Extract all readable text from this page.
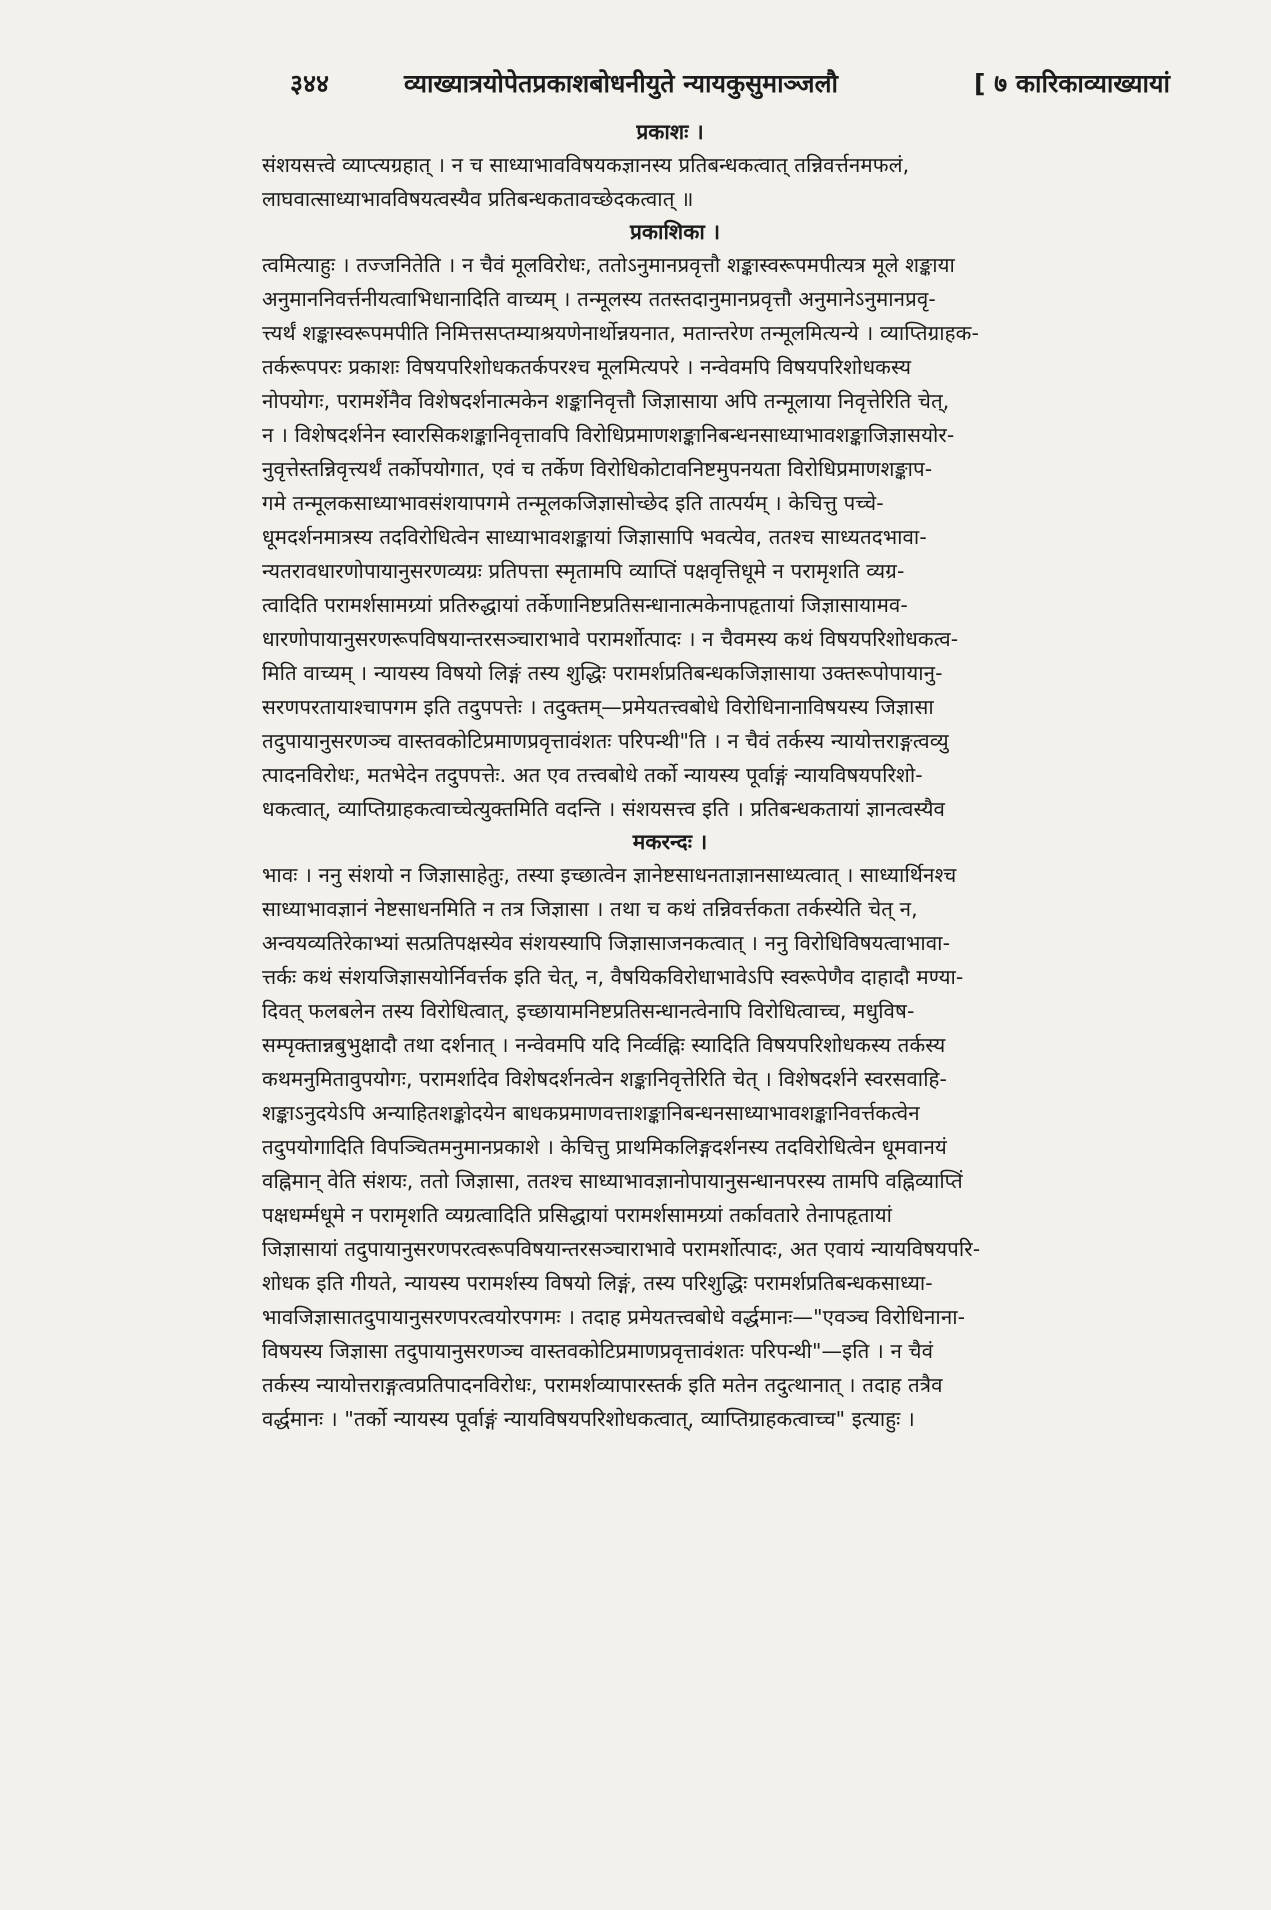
३४४	व्याख्यात्रयोपेतप्रकाशबोधनीयुते न्यायकुसुमाञ्जलौ	[ ७ कारिकाव्याख्यायां
प्रकाशः ।
संशयसत्त्वे व्याप्त्यग्रहात् । न च साध्याभावविषयकज्ञानस्य प्रतिबन्धकत्वात् तन्निवर्त्तनमफलं,
लाघवात्साध्याभावविषयत्वस्यैव प्रतिबन्धकतावच्छेदकत्वात् ॥
प्रकाशिका ।
त्वमित्याहुः । तज्जनितेति । न चैवं मूलविरोधः, ततोऽनुमानप्रवृत्तौ शङ्कास्वरूपमपीत्यत्र मूले शङ्काया
अनुमाननिवर्त्तनीयत्वाभिधानादिति वाच्यम् । तन्मूलस्य ततस्तदानुमानप्रवृत्तौ अनुमानेऽनुमानप्रवृ-
त्त्यर्थं शङ्कास्वरूपमपीति निमित्तसप्तम्याश्रयणेनार्थोन्नयनात, मतान्तरेण तन्मूलमित्यन्ये । व्याप्तिग्राहक-
तर्करूपपरः प्रकाशः विषयपरिशोधकतर्कपरश्च मूलमित्यपरे । नन्वेवमपि विषयपरिशोधकस्य
नोपयोगः, परामर्शेनैव विशेषदर्शनात्मकेन शङ्कानिवृत्तौ जिज्ञासाया अपि तन्मूलाया निवृत्तेरिति चेत्,
न । विशेषदर्शनेन स्वारसिकशङ्कानिवृत्तावपि विरोधिप्रमाणशङ्कानिबन्धनसाध्याभावशङ्काजिज्ञासयोर-
नुवृत्तेस्तन्निवृत्त्यर्थं तर्कोपयोगात, एवं च तर्केण विरोधिकोटावनिष्टमुपनयता विरोधिप्रमाणशङ्काप-
गमे तन्मूलकसाध्याभावसंशयापगमे तन्मूलकजिज्ञासोच्छेद इति तात्पर्यम् । केचित्तु पच्चे-
धूमदर्शनमात्रस्य तदविरोधित्वेन साध्याभावशङ्कायां जिज्ञासापि भवत्येव, ततश्च साध्यतदभावा-
न्यतरावधारणोपायानुसरणव्यग्रः प्रतिपत्ता स्मृतामपि व्याप्तिं पक्षवृत्तिधूमे न परामृशति व्यग्र-
त्वादिति परामर्शसामग्र्यां प्रतिरुद्धायां तर्केणानिष्टप्रतिसन्धानात्मकेनापहृतायां जिज्ञासायामव-
धारणोपायानुसरणरूपविषयान्तरसञ्चाराभावे परामर्शोत्पादः । न चैवमस्य कथं विषयपरिशोधकत्व-
मिति वाच्यम् । न्यायस्य विषयो लिङ्गं तस्य शुद्धिः परामर्शप्रतिबन्धकजिज्ञासाया उक्तरूपोपायानु-
सरणपरतायाश्चापगम इति तदुपपत्तेः । तदुक्तम्—प्रमेयतत्त्वबोधे विरोधिनानाविषयस्य जिज्ञासा
तदुपायानुसरणञ्च वास्तवकोटिप्रमाणप्रवृत्तावंशतः परिपन्थी"ति । न चैवं तर्कस्य न्यायोत्तराङ्गत्वव्यु
त्पादनविरोधः, मतभेदेन तदुपपत्तेः. अत एव तत्त्वबोधे तर्को न्यायस्य पूर्वाङ्गं न्यायविषयपरिशो-
धकत्वात्, व्याप्तिग्राहकत्वाच्चेत्युक्तमिति वदन्ति । संशयसत्त्व इति । प्रतिबन्धकतायां ज्ञानत्वस्यैव
मकरन्दः ।
भावः । ननु संशयो न जिज्ञासाहेतुः, तस्या इच्छात्वेन ज्ञानेष्टसाधनताज्ञानसाध्यत्वात् । साध्यार्थिनश्च
साध्याभावज्ञानं नेष्टसाधनमिति न तत्र जिज्ञासा । तथा च कथं तन्निवर्त्तकता तर्कस्येति चेत् न,
अन्वयव्यतिरेकाभ्यां सत्प्रतिपक्षस्येव संशयस्यापि जिज्ञासाजनकत्वात् । ननु विरोधिविषयत्वाभावा-
त्तर्कः कथं संशयजिज्ञासयोर्निवर्त्तक इति चेत्, न, वैषयिकविरोधाभावेऽपि स्वरूपेणैव दाहादौ मण्या-
दिवत् फलबलेन तस्य विरोधित्वात्, इच्छायामनिष्टप्रतिसन्धानत्वेनापि विरोधित्वाच्च, मधुविष-
सम्पृक्तान्नबुभुक्षादौ तथा दर्शनात् । नन्वेवमपि यदि निर्व्वह्निः स्यादिति विषयपरिशोधकस्य तर्कस्य
कथमनुमितावुपयोगः, परामर्शादेव विशेषदर्शनत्वेन शङ्कानिवृत्तेरिति चेत् । विशेषदर्शने स्वरसवाहि-
शङ्काऽनुदयेऽपि अन्याहितशङ्कोदयेन बाधकप्रमाणवत्ताशङ्कानिबन्धनसाध्याभावशङ्कानिवर्त्तकत्वेन
तदुपयोगादिति विपञ्चितमनुमानप्रकाशे । केचित्तु प्राथमिकलिङ्गदर्शनस्य तदविरोधित्वेन धूमवानयं
वह्निमान् वेति संशयः, ततो जिज्ञासा, ततश्च साध्याभावज्ञानोपायानुसन्धानपरस्य तामपि वह्निव्याप्तिं
पक्षधर्म्मधूमे न परामृशति व्यग्रत्वादिति प्रसिद्धायां परामर्शसामग्र्यां तर्कावतारे तेनापहृतायां
जिज्ञासायां तदुपायानुसरणपरत्वरूपविषयान्तरसञ्चाराभावे परामर्शोत्पादः, अत एवायं न्यायविषयपरि-
शोधक इति गीयते, न्यायस्य परामर्शस्य विषयो लिङ्गं, तस्य परिशुद्धिः परामर्शप्रतिबन्धकसाध्या-
भावजिज्ञासातदुपायानुसरणपरत्वयोरपगमः । तदाह प्रमेयतत्त्वबोधे वर्द्धमानः—"एवञ्च विरोधिनाना-
विषयस्य जिज्ञासा तदुपायानुसरणञ्च वास्तवकोटिप्रमाणप्रवृत्तावंशतः परिपन्थी"—इति । न चैवं
तर्कस्य न्यायोत्तराङ्गत्वप्रतिपादनविरोधः, परामर्शव्यापारस्तर्क इति मतेन तदुत्थानात् । तदाह तत्रैव
वर्द्धमानः । "तर्को न्यायस्य पूर्वाङ्गं न्यायविषयपरिशोधकत्वात्, व्याप्तिग्राहकत्वाच्च" इत्याहुः ।
